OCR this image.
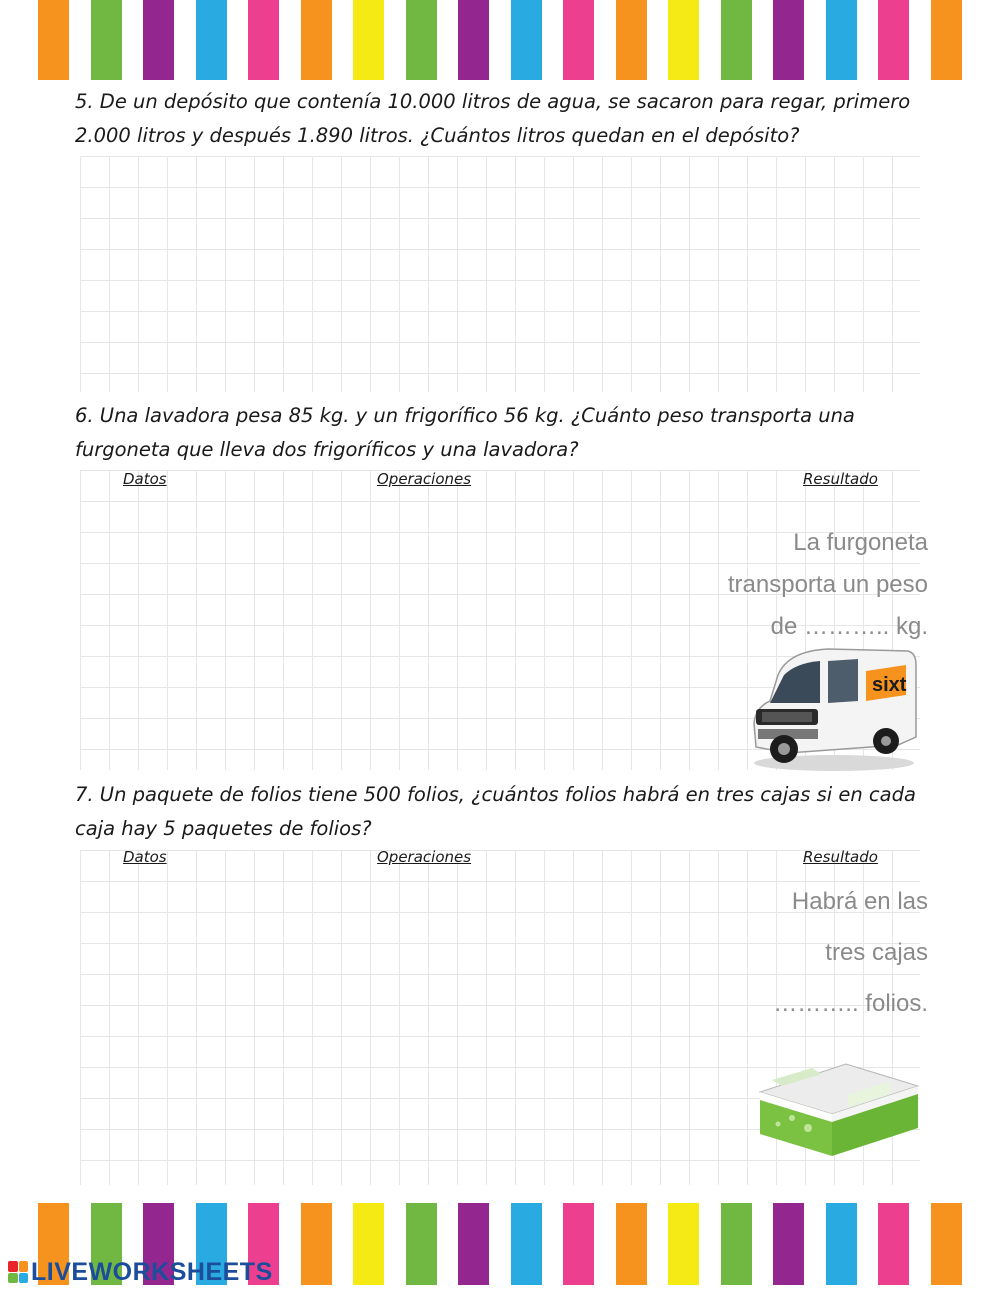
5. De un depósito que contenía 10.000 litros de agua, se sacaron para regar, primero
2.000 litros y después 1.890 litros. ¿Cuántos litros quedan en el depósito?

6. Una lavadora pesa 85 kg. y un frigorífico 56 kg. ¿Cuánto peso transporta una
furgoneta que lleva dos frigoríficos y una lavadora?

Datos	Operaciones	Resultado

La furgoneta
transporta un peso
de ……….. kg.

sixt

7. Un paquete de folios tiene 500 folios, ¿cuántos folios habrá en tres cajas si en cada
caja hay 5 paquetes de folios?

Datos	Operaciones	Resultado

Habrá en las
tres cajas
……….. folios.

LIVEWORKSHEETS
